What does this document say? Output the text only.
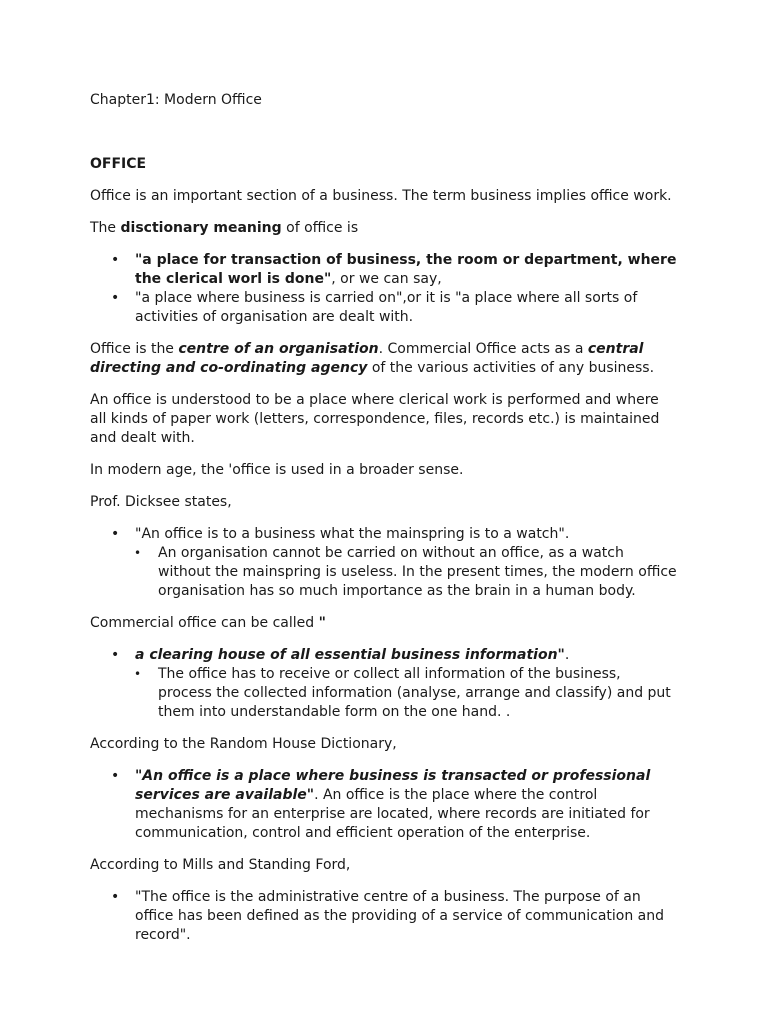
Chapter1: Modern Office

OFFICE

Office is an important section of a business. The term business implies office work.

The disctionary meaning of office is

• "a place for transaction of business, the room or department, where the clerical worl is done", or we can say,
• "a place where business is carried on",or it is "a place where all sorts of activities of organisation are dealt with.

Office is the centre of an organisation. Commercial Office acts as a central directing and co-ordinating agency of the various activities of any business.

An office is understood to be a place where clerical work is performed and where all kinds of paper work (letters, correspondence, files, records etc.) is maintained and dealt with.

In modern age, the 'office is used in a broader sense.

Prof. Dicksee states,

• "An office is to a business what the mainspring is to a watch".
• An organisation cannot be carried on without an office, as a watch without the mainspring is useless. In the present times, the modern office organisation has so much importance as the brain in a human body.

Commercial office can be called "

• a clearing house of all essential business information".
• The office has to receive or collect all information of the business, process the collected information (analyse, arrange and classify) and put them into understandable form on the one hand. .

According to the Random House Dictionary,

• "An office is a place where business is transacted or professional services are available". An office is the place where the control mechanisms for an enterprise are located, where records are initiated for communication, control and efficient operation of the enterprise.

According to Mills and Standing Ford,

• "The office is the administrative centre of a business. The purpose of an office has been defined as the providing of a service of communication and record".
